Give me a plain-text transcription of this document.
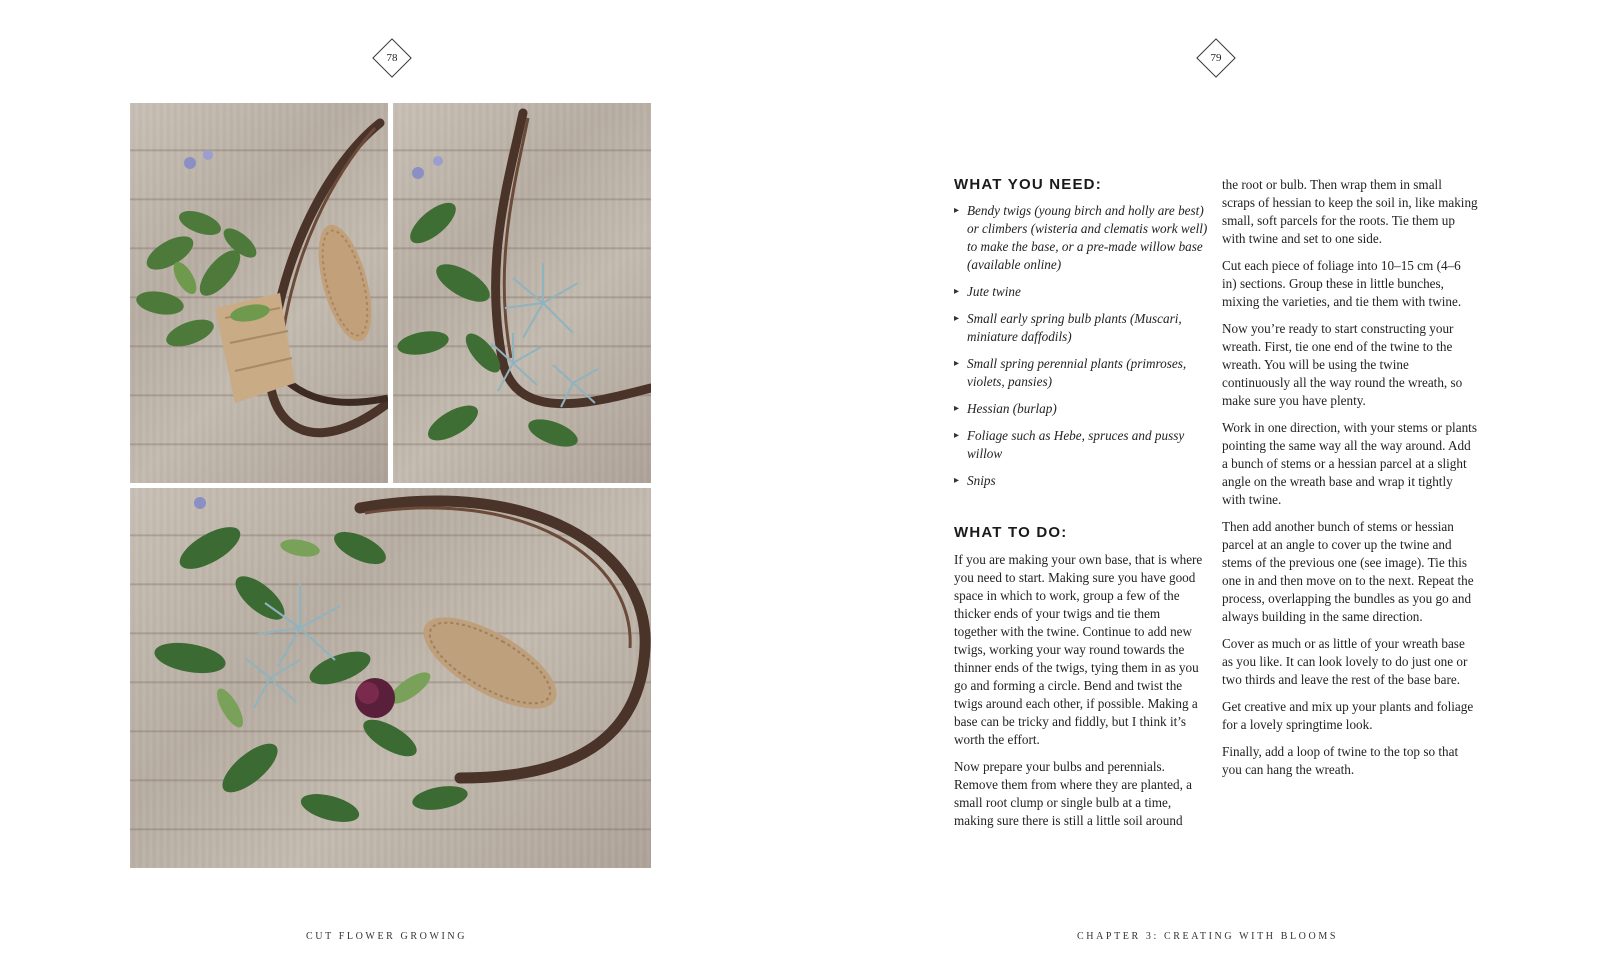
78
CUT FLOWER GROWING
79
WHAT YOU NEED:
▸ Bendy twigs (young birch and holly are best) or climbers (wisteria and clematis work well) to make the base, or a pre-made willow base (available online)
▸ Jute twine
▸ Small early spring bulb plants (Muscari, miniature daffodils)
▸ Small spring perennial plants (primroses, violets, pansies)
▸ Hessian (burlap)
▸ Foliage such as Hebe, spruces and pussy willow
▸ Snips
WHAT TO DO:

If you are making your own base, that is where you need to start. Making sure you have good space in which to work, group a few of the thicker ends of your twigs and tie them together with the twine. Continue to add new twigs, working your way round towards the thinner ends of the twigs, tying them in as you go and forming a circle. Bend and twist the twigs around each other, if possible. Making a base can be tricky and fiddly, but I think it’s worth the effort.

Now prepare your bulbs and perennials. Remove them from where they are planted, a small root clump or single bulb at a time, making sure there is still a little soil around

the root or bulb. Then wrap them in small scraps of hessian to keep the soil in, like making small, soft parcels for the roots. Tie them up with twine and set to one side.

Cut each piece of foliage into 10–15 cm (4–6 in) sections. Group these in little bunches, mixing the varieties, and tie them with twine.

Now you’re ready to start constructing your wreath. First, tie one end of the twine to the wreath. You will be using the twine continuously all the way round the wreath, so make sure you have plenty.

Work in one direction, with your stems or plants pointing the same way all the way around. Add a bunch of stems or a hessian parcel at a slight angle on the wreath base and wrap it tightly with twine.

Then add another bunch of stems or hessian parcel at an angle to cover up the twine and stems of the previous one (see image). Tie this one in and then move on to the next. Repeat the process, overlapping the bundles as you go and always building in the same direction.

Cover as much or as little of your wreath base as you like. It can look lovely to do just one or two thirds and leave the rest of the base bare.

Get creative and mix up your plants and foliage for a lovely springtime look.

Finally, add a loop of twine to the top so that you can hang the wreath.

CHAPTER 3: CREATING WITH BLOOMS
